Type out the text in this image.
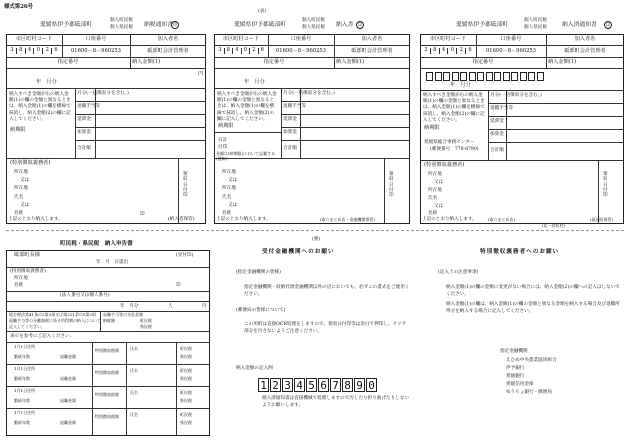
様式第26号
愛媛県伊予郡砥部町
個人町民税
個人県民税 納税通知書 印
市区町村コード	口座番号	加入者名
3	8	4	0	2	6	01600－8－960253	砥部町会計管理者
指定番号	納入金額(1)
円
年　月分
納入すべき金額が右の納入金額(1)の欄の金額と異なるときは、納入金額(1)の欄を横線で抹消し、納入金額(2)の欄に記入してください。
月分(一括徴収分を含む。)
退職手当等
延滞金
加算金
合計額
納期限
(特別徴収義務者)
所在地
又は
所在地
氏名
又は
名称	印
領収日付印
上記のとおり納入します。	(納入者保管)
(表)
愛媛県伊予郡砥部町
個人町民税
個人県民税 納入書	印
市区町村コード	口座番号	加入者名
3 8 4 0 2 6	01600－8－960253	砥部町会計管理者
指定番号	納入金額(1)
年　月分
納入すべき金額が右の納入金額(1)の欄の金額と異なるときは、納入金額(1)の欄を横線で抹消し、納入金額(2)の欄に記入してください。
月分(一括徴収分を含む。)
退職手当等
延滞金
加算金
合計額
納期限
日計
付印
金額は(納期限)において記載する(通知)
所在地
又は
所在地
氏名
又は
名称
領収日付印
上記のとおり納入します。	(取りまとめ店・金融機関保管)
愛媛県伊予郡砥部町
個人町民税
個人県民税	納入済通知書	印
市区町村コード	口座番号	加入者名
3	8	4	0	2	6	01600－8－960253	砥部町会計管理者
指定番号	納入金額(1)
年　月分
納入すべき金額が右の納入金額(1)の欄の金額と異なるときは、納入金額(1)の欄を横線で抹消し、納入金額(2)の欄に記入してください。
月分(一括徴収分を含む。)
退職手当等
延滞金
加算金
合計額
納期限
愛媛県総合事務センター
(郵便番号　770-8790)
(特別徴収義務者)
所在地
又は
所在地
氏名
又は
名称
領収日付印
上記のとおり納入します。	(取りまとめ店)
(店一括町村)
(砥部町保管)
町民税・県民税　納入申告書
砥部町長様	(受付印)
年　月　日提出
(特別徴収義務者)
所在地
名称	印
(法人番号又は個人番号)
年　月分	人	円
地方税法第41条の2第3項又は第321条の5第3項
退職手当等の分離課税に係る所得割の納入について
記入してください。
退職手当等の支払金額
納税額	町民税
県民税
表示を参考にご記入ください。
1月1日住所
勤続年数	退職金額
特別徴収税額	氏名	町民税
県民税
1月1日住所
勤続年数	退職金額
特別徴収税額	氏名	町民税
県民税
1月1日住所
勤続年数	退職金額
特別徴収税額	氏名	町民税
県民税
1月1日住所
勤続年数	退職金額
特別徴収税額	氏名	町民税
県民税
(裏)
受付金融機関へのお願い
(指定金融機関の皆様)
指定金融機関・収納代理金融機関以外の店においても、必ずこの書式をご使用ください。
(郵便局の皆様について)
この用紙は直接OCR処理をしますので、領収日付印等は余白で押印し、クリア部分を汚さないようご注意ください。
納入金額の記入例
1 2 3 4 5 6 7 8 9 0
納入済通知書は直接機械で処理しますので汚したり折り曲げたりしないようお願いします。
特別徴収義務者へのお願い
(記入上の注意事項)
納入金額(1)の欄の金額に変更がない場合には、納入金額(2)の欄への記入はしないでください。
納入金額(1)の欄は、納入金額(1)の欄の金額と異なる金額を納入する場合及び退職所得分を納入する場合に記入してください。
指定金融機関
えひめ中央農業協同組合
伊予銀行
愛媛銀行
愛媛信用金庫
ゆうちょ銀行・郵便局
